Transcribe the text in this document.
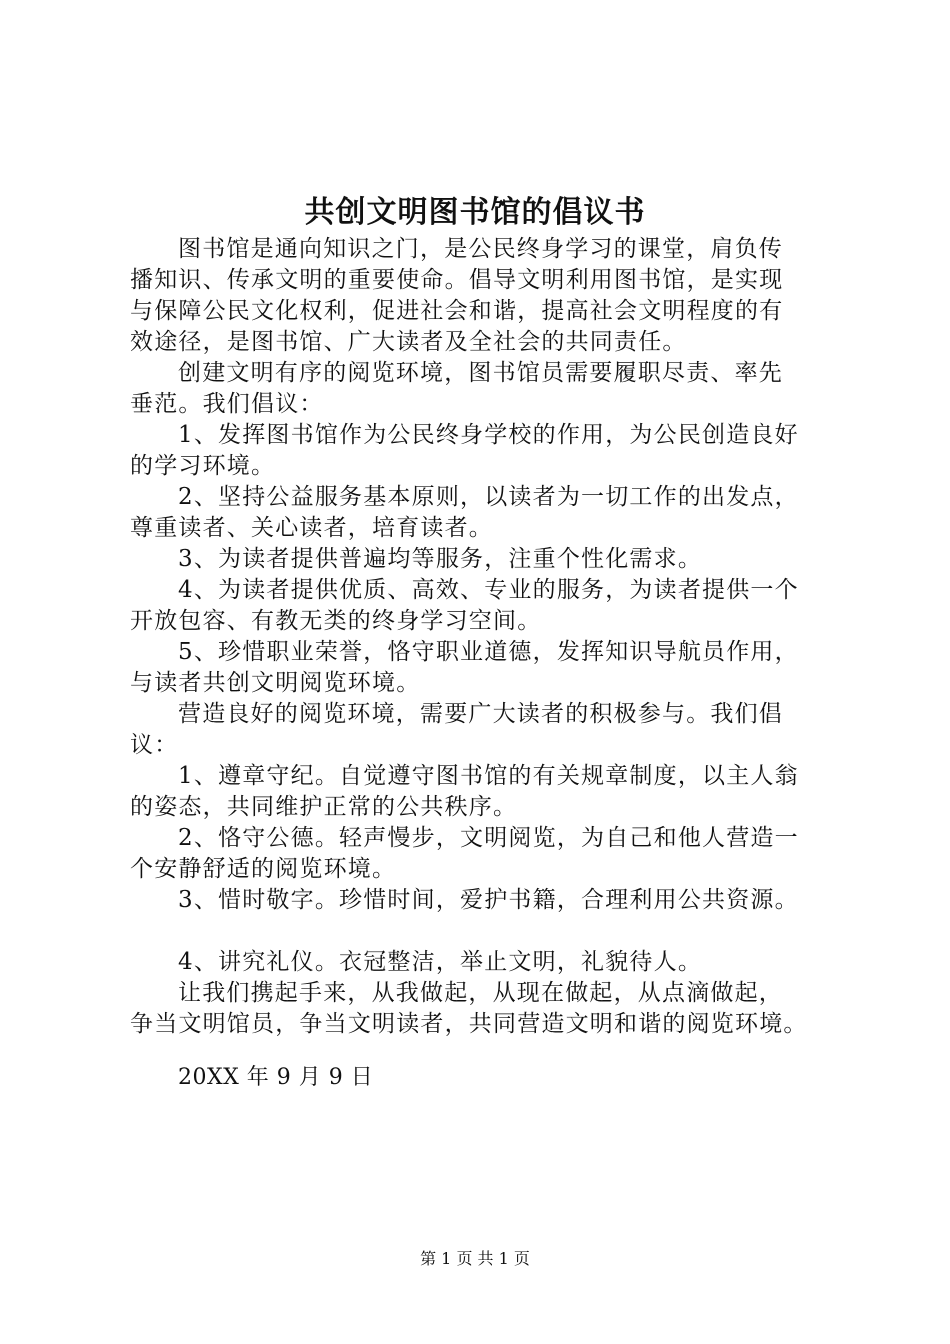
共创文明图书馆的倡议书

图书馆是通向知识之门，是公民终身学习的课堂，肩负传

播知识、传承文明的重要使命。倡导文明利用图书馆，是实现

与保障公民文化权利，促进社会和谐，提高社会文明程度的有

效途径，是图书馆、广大读者及全社会的共同责任。

创建文明有序的阅览环境，图书馆员需要履职尽责、率先

垂范。我们倡议：

1、发挥图书馆作为公民终身学校的作用，为公民创造良好

的学习环境。

2、坚持公益服务基本原则，以读者为一切工作的出发点，

尊重读者、关心读者，培育读者。

3、为读者提供普遍均等服务，注重个性化需求。

4、为读者提供优质、高效、专业的服务，为读者提供一个

开放包容、有教无类的终身学习空间。

5、珍惜职业荣誉，恪守职业道德，发挥知识导航员作用，

与读者共创文明阅览环境。

营造良好的阅览环境，需要广大读者的积极参与。我们倡

议：

1、遵章守纪。自觉遵守图书馆的有关规章制度，以主人翁

的姿态，共同维护正常的公共秩序。

2、恪守公德。轻声慢步，文明阅览，为自己和他人营造一

个安静舒适的阅览环境。

3、惜时敬字。珍惜时间，爱护书籍，合理利用公共资源。

4、讲究礼仪。衣冠整洁，举止文明，礼貌待人。

让我们携起手来，从我做起，从现在做起，从点滴做起，

争当文明馆员，争当文明读者，共同营造文明和谐的阅览环境。

20XX 年 9 月 9 日
第 1 页 共 1 页
